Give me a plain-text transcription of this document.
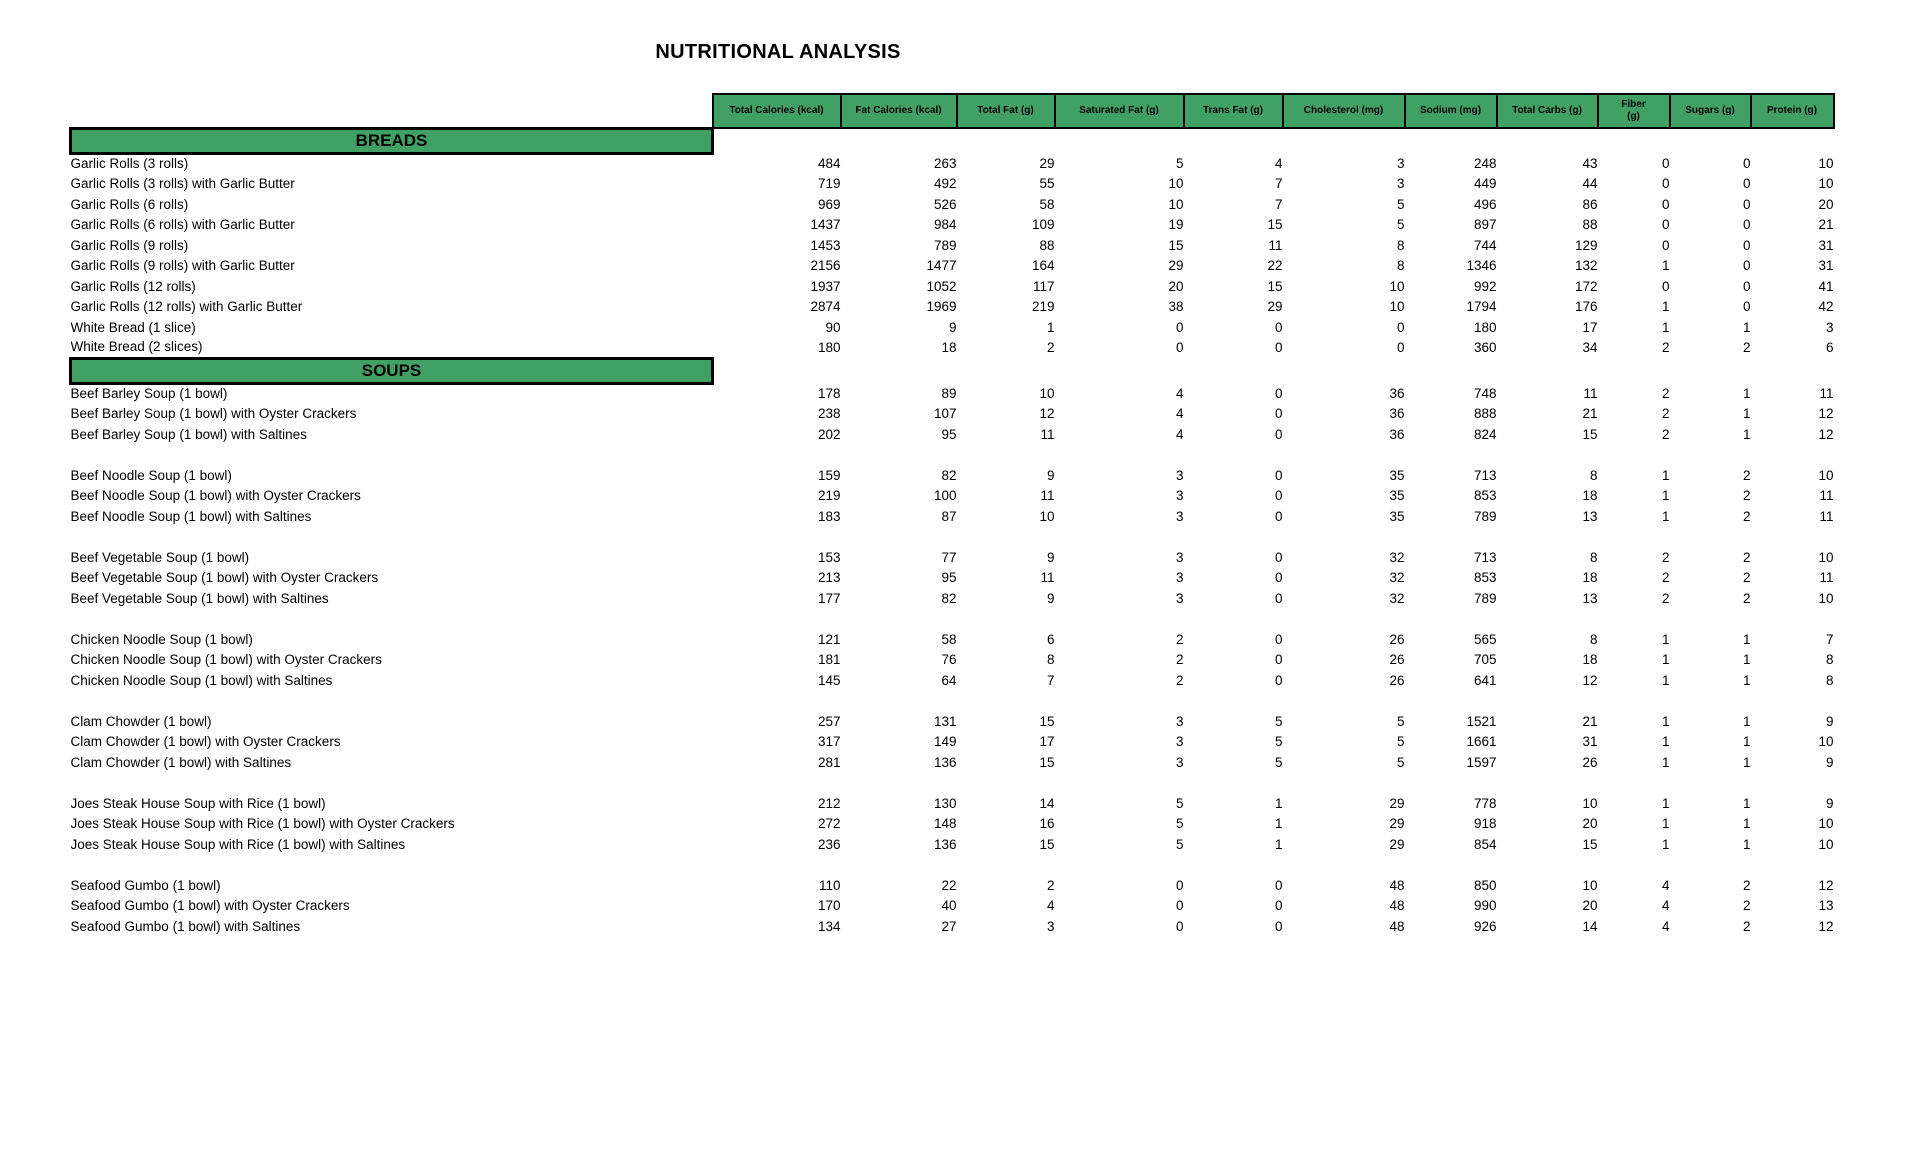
NUTRITIONAL ANALYSIS
	Total Calories (kcal)	Fat Calories (kcal)	Total Fat (g)	Saturated Fat (g)	Trans Fat (g)	Cholesterol (mg)	Sodium (mg)	Total Carbs (g)	Fiber (g)	Sugars (g)	Protein (g)
BREADS											
Garlic Rolls (3 rolls)	484	263	29	5	4	3	248	43	0	0	10
Garlic Rolls (3 rolls) with Garlic Butter	719	492	55	10	7	3	449	44	0	0	10
Garlic Rolls (6 rolls)	969	526	58	10	7	5	496	86	0	0	20
Garlic Rolls (6 rolls) with Garlic Butter	1437	984	109	19	15	5	897	88	0	0	21
Garlic Rolls (9 rolls)	1453	789	88	15	11	8	744	129	0	0	31
Garlic Rolls (9 rolls) with Garlic Butter	2156	1477	164	29	22	8	1346	132	1	0	31
Garlic Rolls (12 rolls)	1937	1052	117	20	15	10	992	172	0	0	41
Garlic Rolls (12 rolls) with Garlic Butter	2874	1969	219	38	29	10	1794	176	1	0	42
White Bread (1 slice)	90	9	1	0	0	0	180	17	1	1	3
White Bread (2 slices)	180	18	2	0	0	0	360	34	2	2	6
SOUPS											
Beef Barley Soup (1 bowl)	178	89	10	4	0	36	748	11	2	1	11
Beef Barley Soup (1 bowl) with Oyster Crackers	238	107	12	4	0	36	888	21	2	1	12
Beef Barley Soup (1 bowl) with Saltines	202	95	11	4	0	36	824	15	2	1	12

Beef Noodle Soup (1 bowl)	159	82	9	3	0	35	713	8	1	2	10
Beef Noodle Soup (1 bowl) with Oyster Crackers	219	100	11	3	0	35	853	18	1	2	11
Beef Noodle Soup (1 bowl) with Saltines	183	87	10	3	0	35	789	13	1	2	11

Beef Vegetable Soup (1 bowl)	153	77	9	3	0	32	713	8	2	2	10
Beef Vegetable Soup (1 bowl) with Oyster Crackers	213	95	11	3	0	32	853	18	2	2	11
Beef Vegetable Soup (1 bowl) with Saltines	177	82	9	3	0	32	789	13	2	2	10

Chicken Noodle Soup (1 bowl)	121	58	6	2	0	26	565	8	1	1	7
Chicken Noodle Soup (1 bowl) with Oyster Crackers	181	76	8	2	0	26	705	18	1	1	8
Chicken Noodle Soup (1 bowl) with Saltines	145	64	7	2	0	26	641	12	1	1	8

Clam Chowder (1 bowl)	257	131	15	3	5	5	1521	21	1	1	9
Clam Chowder (1 bowl) with Oyster Crackers	317	149	17	3	5	5	1661	31	1	1	10
Clam Chowder (1 bowl) with Saltines	281	136	15	3	5	5	1597	26	1	1	9

Joes Steak House Soup with Rice (1 bowl)	212	130	14	5	1	29	778	10	1	1	9
Joes Steak House Soup with Rice (1 bowl) with Oyster Crackers	272	148	16	5	1	29	918	20	1	1	10
Joes Steak House Soup with Rice (1 bowl) with Saltines	236	136	15	5	1	29	854	15	1	1	10

Seafood Gumbo (1 bowl)	110	22	2	0	0	48	850	10	4	2	12
Seafood Gumbo (1 bowl) with Oyster Crackers	170	40	4	0	0	48	990	20	4	2	13
Seafood Gumbo (1 bowl) with Saltines	134	27	3	0	0	48	926	14	4	2	12
